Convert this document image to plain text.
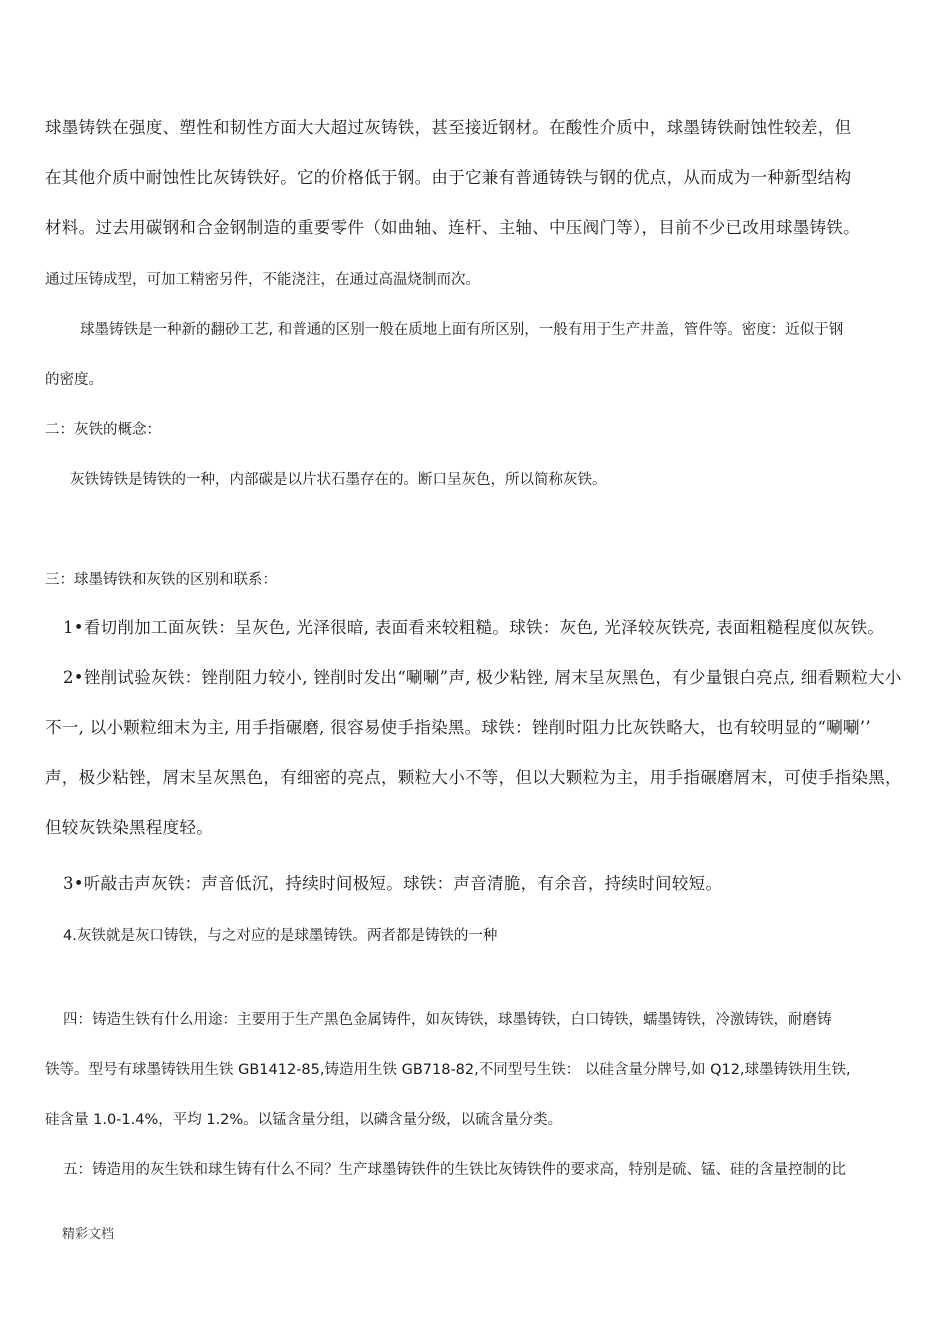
球墨铸铁在强度、塑性和韧性方面大大超过灰铸铁，甚至接近钢材。在酸性介质中，球墨铸铁耐蚀性较差，但
在其他介质中耐蚀性比灰铸铁好。它的价格低于钢。由于它兼有普通铸铁与钢的优点，从而成为一种新型结构
材料。过去用碳钢和合金钢制造的重要零件（如曲轴、连杆、主轴、中压阀门等），目前不少已改用球墨铸铁。
通过压铸成型，可加工精密另件，不能浇注，在通过高温烧制而次。
球墨铸铁是一种新的翻砂工艺, 和普通的区别一般在质地上面有所区别，一般有用于生产井盖，管件等。密度：近似于钢
的密度。
二：灰铁的概念：
灰铁铸铁是铸铁的一种，内部碳是以片状石墨存在的。断口呈灰色，所以简称灰铁。
三：球墨铸铁和灰铁的区别和联系：
1•看切削加工面灰铁：呈灰色, 光泽很暗, 表面看来较粗糙。球铁：灰色, 光泽较灰铁亮, 表面粗糙程度似灰铁。
2•锉削试验灰铁：锉削阻力较小, 锉削时发出“唰唰”声, 极少粘锉, 屑末呈灰黑色，有少量银白亮点, 细看颗粒大小
不一, 以小颗粒细末为主, 用手指碾磨, 很容易使手指染黑。球铁：锉削时阻力比灰铁略大，也有较明显的“唰唰’’
声，极少粘锉，屑末呈灰黑色，有细密的亮点，颗粒大小不等，但以大颗粒为主，用手指碾磨屑末，可使手指染黑，
但较灰铁染黑程度轻。
3•听敲击声灰铁：声音低沉，持续时间极短。球铁：声音清脆，有余音，持续时间较短。
4.灰铁就是灰口铸铁，与之对应的是球墨铸铁。两者都是铸铁的一种
四：铸造生铁有什么用途：主要用于生产黑色金属铸件，如灰铸铁，球墨铸铁，白口铸铁，蠕墨铸铁，冷激铸铁，耐磨铸
铁等。型号有球墨铸铁用生铁 GB1412-85,铸造用生铁 GB718-82,不同型号生铁： 以硅含量分牌号,如 Q12,球墨铸铁用生铁,
硅含量 1.0-1.4%，平均 1.2%。以锰含量分组，以磷含量分级，以硫含量分类。
五：铸造用的灰生铁和球生铸有什么不同？生产球墨铸铁件的生铁比灰铸铁件的要求高，特别是硫、锰、硅的含量控制的比
精彩文档
